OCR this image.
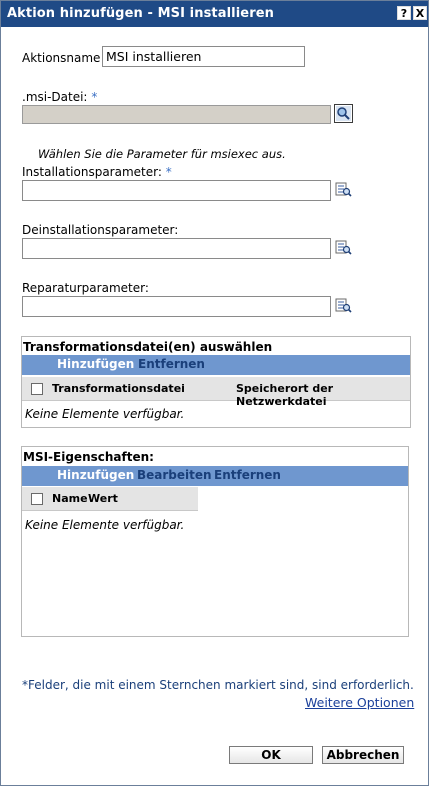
Aktion hinzufügen - MSI installieren	? X
Aktionsname MSI installieren
.msi-Datei: *
Wählen Sie die Parameter für msiexec aus.
Installationsparameter: *
Deinstallationsparameter:
Reparaturparameter:
Transformationsdatei(en) auswählen
Hinzufügen Entfernen
Transformationsdatei	Speicherort der Netzwerkdatei
Keine Elemente verfügbar.
MSI-Eigenschaften:
Hinzufügen Bearbeiten Entfernen
Name Wert
Keine Elemente verfügbar.
*Felder, die mit einem Sternchen markiert sind, sind erforderlich.
Weitere Optionen
OK	Abbrechen
